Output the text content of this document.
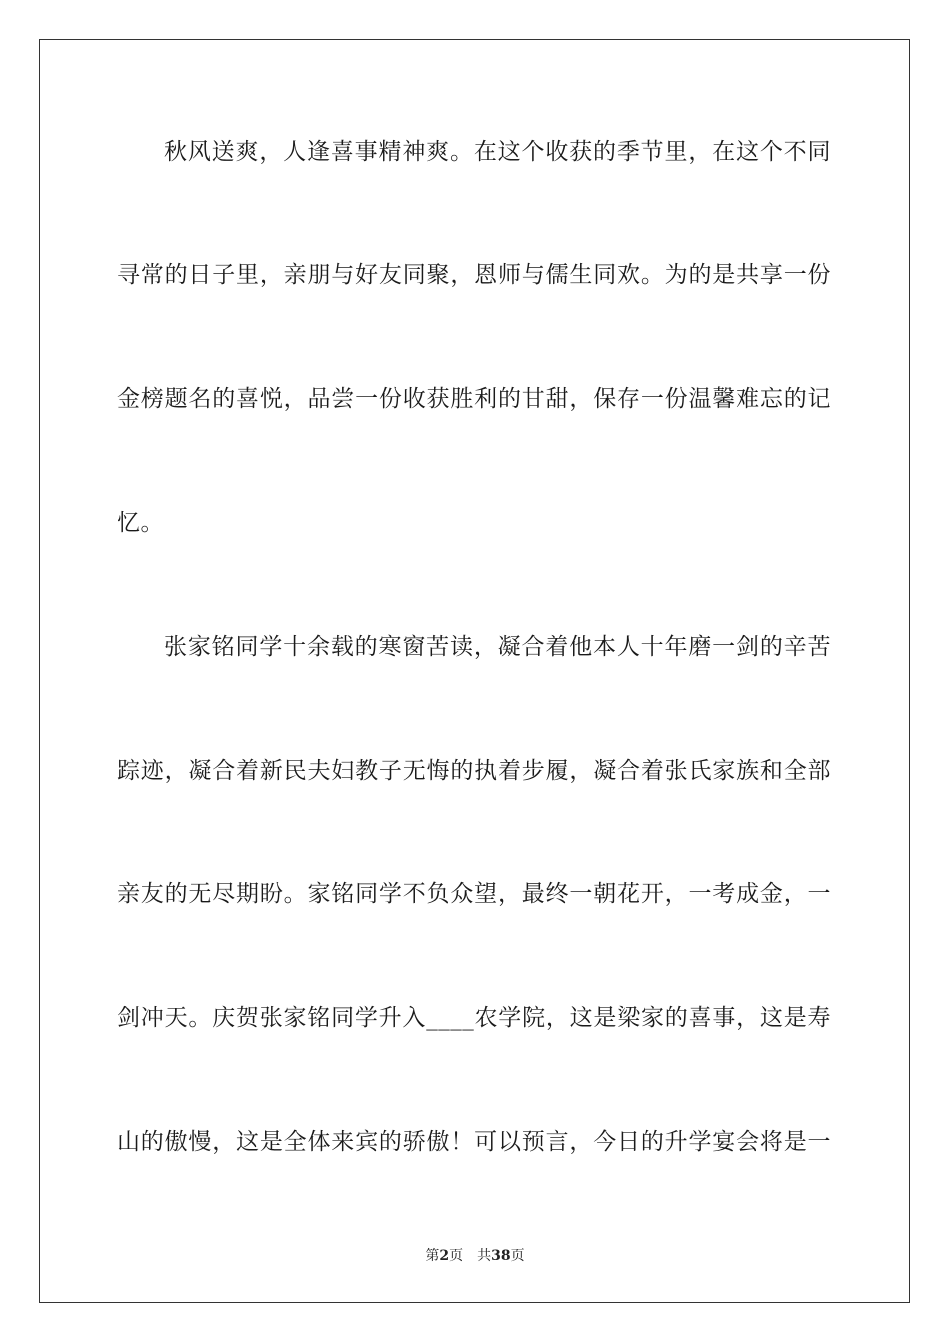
秋风送爽，人逢喜事精神爽。在这个收获的季节里，在这个不同
寻常的日子里，亲朋与好友同聚，恩师与儒生同欢。为的是共享一份
金榜题名的喜悦，品尝一份收获胜利的甘甜，保存一份温馨难忘的记
忆。
张家铭同学十余载的寒窗苦读，凝合着他本人十年磨一剑的辛苦
踪迹，凝合着新民夫妇教子无悔的执着步履，凝合着张氏家族和全部
亲友的无尽期盼。家铭同学不负众望，最终一朝花开，一考成金，一
剑冲天。庆贺张家铭同学升入____农学院，这是梁家的喜事，这是寿
山的傲慢，这是全体来宾的骄傲！可以预言，今日的升学宴会将是一
第2页 共38页
